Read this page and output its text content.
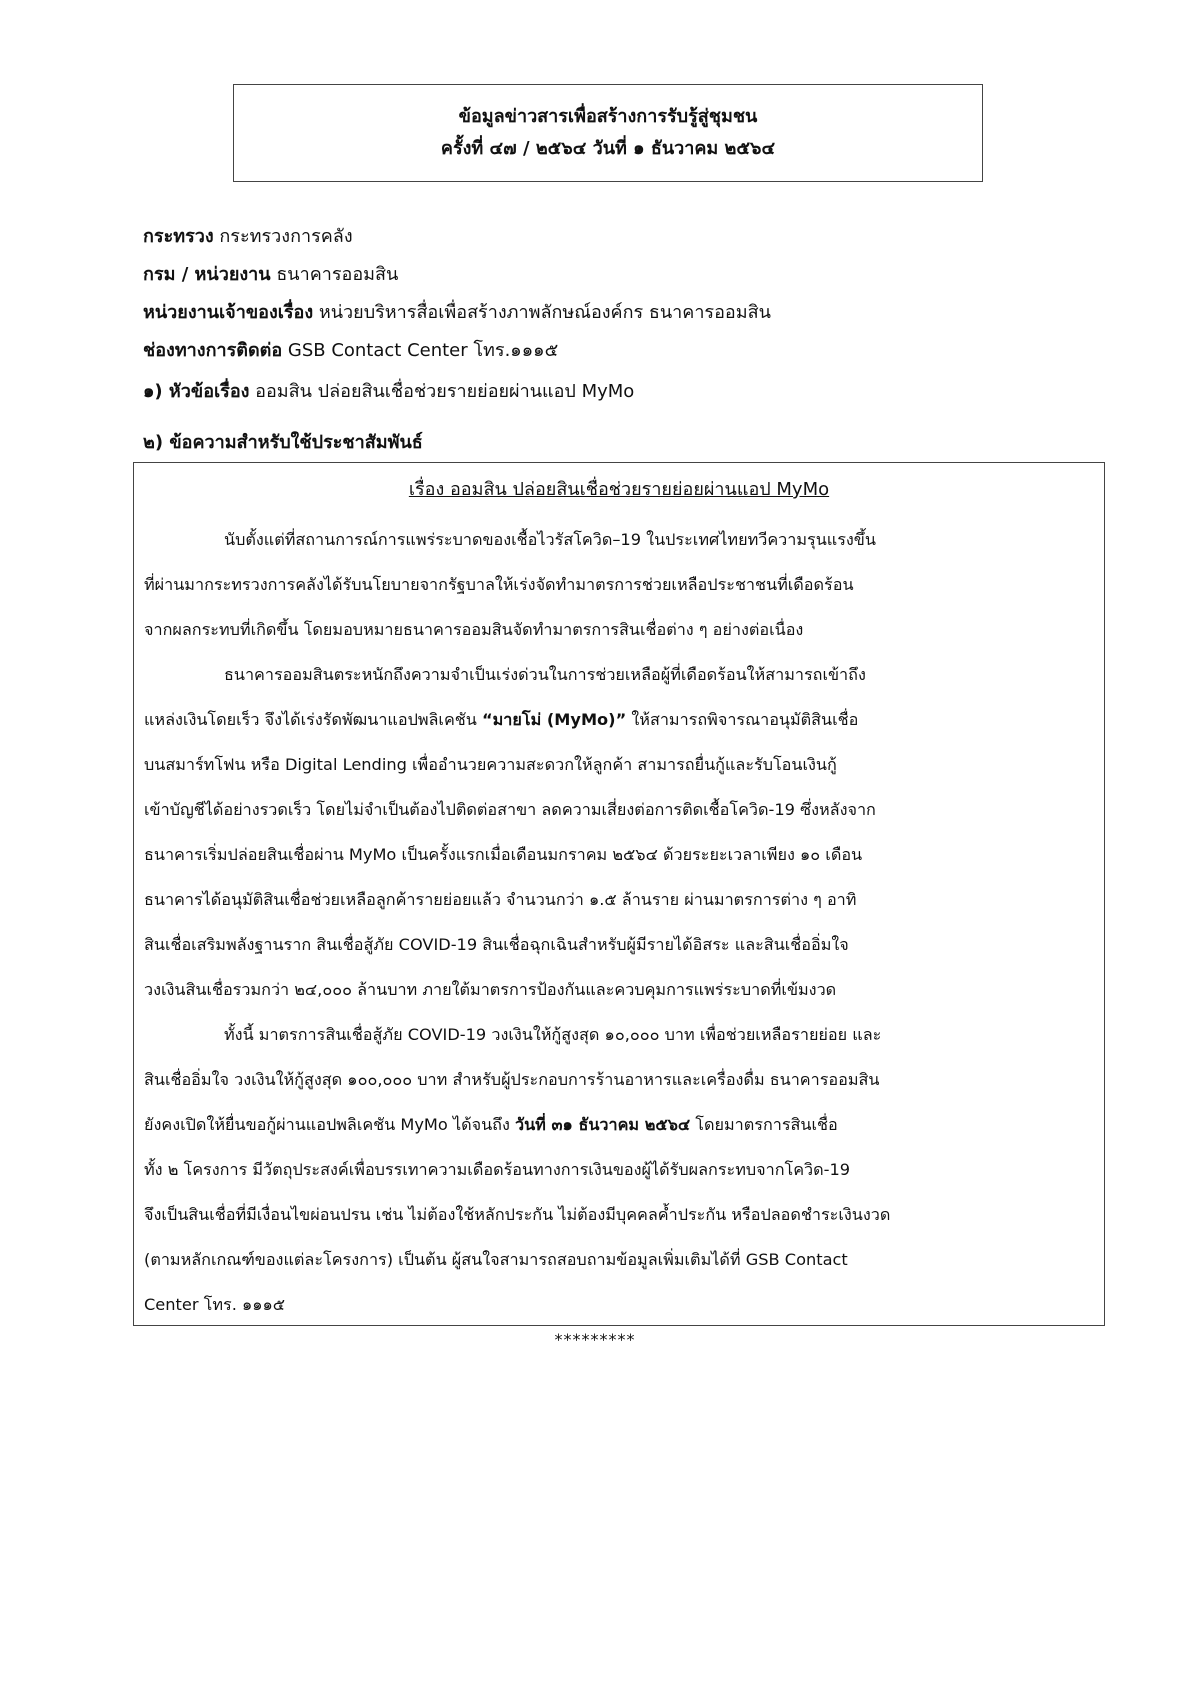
ข้อมูลข่าวสารเพื่อสร้างการรับรู้สู่ชุมชน
ครั้งที่ ๔๗ / ๒๕๖๔ วันที่ ๑ ธันวาคม ๒๕๖๔
กระทรวง กระทรวงการคลัง
กรม / หน่วยงาน ธนาคารออมสิน
หน่วยงานเจ้าของเรื่อง หน่วยบริหารสื่อเพื่อสร้างภาพลักษณ์องค์กร ธนาคารออมสิน
ช่องทางการติดต่อ GSB Contact Center โทร.๑๑๑๕
๑) หัวข้อเรื่อง ออมสิน ปล่อยสินเชื่อช่วยรายย่อยผ่านแอป MyMo
๒) ข้อความสำหรับใช้ประชาสัมพันธ์
เรื่อง ออมสิน ปล่อยสินเชื่อช่วยรายย่อยผ่านแอป MyMo
นับตั้งแต่ที่สถานการณ์การแพร่ระบาดของเชื้อไวรัสโควิด–19 ในประเทศไทยทวีความรุนแรงขึ้น
ที่ผ่านมากระทรวงการคลังได้รับนโยบายจากรัฐบาลให้เร่งจัดทำมาตรการช่วยเหลือประชาชนที่เดือดร้อน
จากผลกระทบที่เกิดขึ้น โดยมอบหมายธนาคารออมสินจัดทำมาตรการสินเชื่อต่าง ๆ อย่างต่อเนื่อง
ธนาคารออมสินตระหนักถึงความจำเป็นเร่งด่วนในการช่วยเหลือผู้ที่เดือดร้อนให้สามารถเข้าถึง
แหล่งเงินโดยเร็ว จึงได้เร่งรัดพัฒนาแอปพลิเคชัน “มายโม่ (MyMo)” ให้สามารถพิจารณาอนุมัติสินเชื่อ
บนสมาร์ทโฟน หรือ Digital Lending เพื่ออำนวยความสะดวกให้ลูกค้า สามารถยื่นกู้และรับโอนเงินกู้
เข้าบัญชีได้อย่างรวดเร็ว โดยไม่จำเป็นต้องไปติดต่อสาขา ลดความเสี่ยงต่อการติดเชื้อโควิด-19 ซึ่งหลังจาก
ธนาคารเริ่มปล่อยสินเชื่อผ่าน MyMo เป็นครั้งแรกเมื่อเดือนมกราคม ๒๕๖๔ ด้วยระยะเวลาเพียง ๑๐ เดือน
ธนาคารได้อนุมัติสินเชื่อช่วยเหลือลูกค้ารายย่อยแล้ว จำนวนกว่า ๑.๕ ล้านราย ผ่านมาตรการต่าง ๆ อาทิ
สินเชื่อเสริมพลังฐานราก สินเชื่อสู้ภัย COVID-19 สินเชื่อฉุกเฉินสำหรับผู้มีรายได้อิสระ และสินเชื่ออิ่มใจ
วงเงินสินเชื่อรวมกว่า ๒๔,๐๐๐ ล้านบาท ภายใต้มาตรการป้องกันและควบคุมการแพร่ระบาดที่เข้มงวด
ทั้งนี้ มาตรการสินเชื่อสู้ภัย COVID-19 วงเงินให้กู้สูงสุด ๑๐,๐๐๐ บาท เพื่อช่วยเหลือรายย่อย และ
สินเชื่ออิ่มใจ วงเงินให้กู้สูงสุด ๑๐๐,๐๐๐ บาท สำหรับผู้ประกอบการร้านอาหารและเครื่องดื่ม ธนาคารออมสิน
ยังคงเปิดให้ยื่นขอกู้ผ่านแอปพลิเคชัน MyMo ได้จนถึง วันที่ ๓๑ ธันวาคม ๒๕๖๔ โดยมาตรการสินเชื่อ
ทั้ง ๒ โครงการ มีวัตถุประสงค์เพื่อบรรเทาความเดือดร้อนทางการเงินของผู้ได้รับผลกระทบจากโควิด-19
จึงเป็นสินเชื่อที่มีเงื่อนไขผ่อนปรน เช่น ไม่ต้องใช้หลักประกัน ไม่ต้องมีบุคคลค้ำประกัน หรือปลอดชำระเงินงวด
(ตามหลักเกณฑ์ของแต่ละโครงการ) เป็นต้น ผู้สนใจสามารถสอบถามข้อมูลเพิ่มเติมได้ที่ GSB Contact
Center โทร. ๑๑๑๕
*********
